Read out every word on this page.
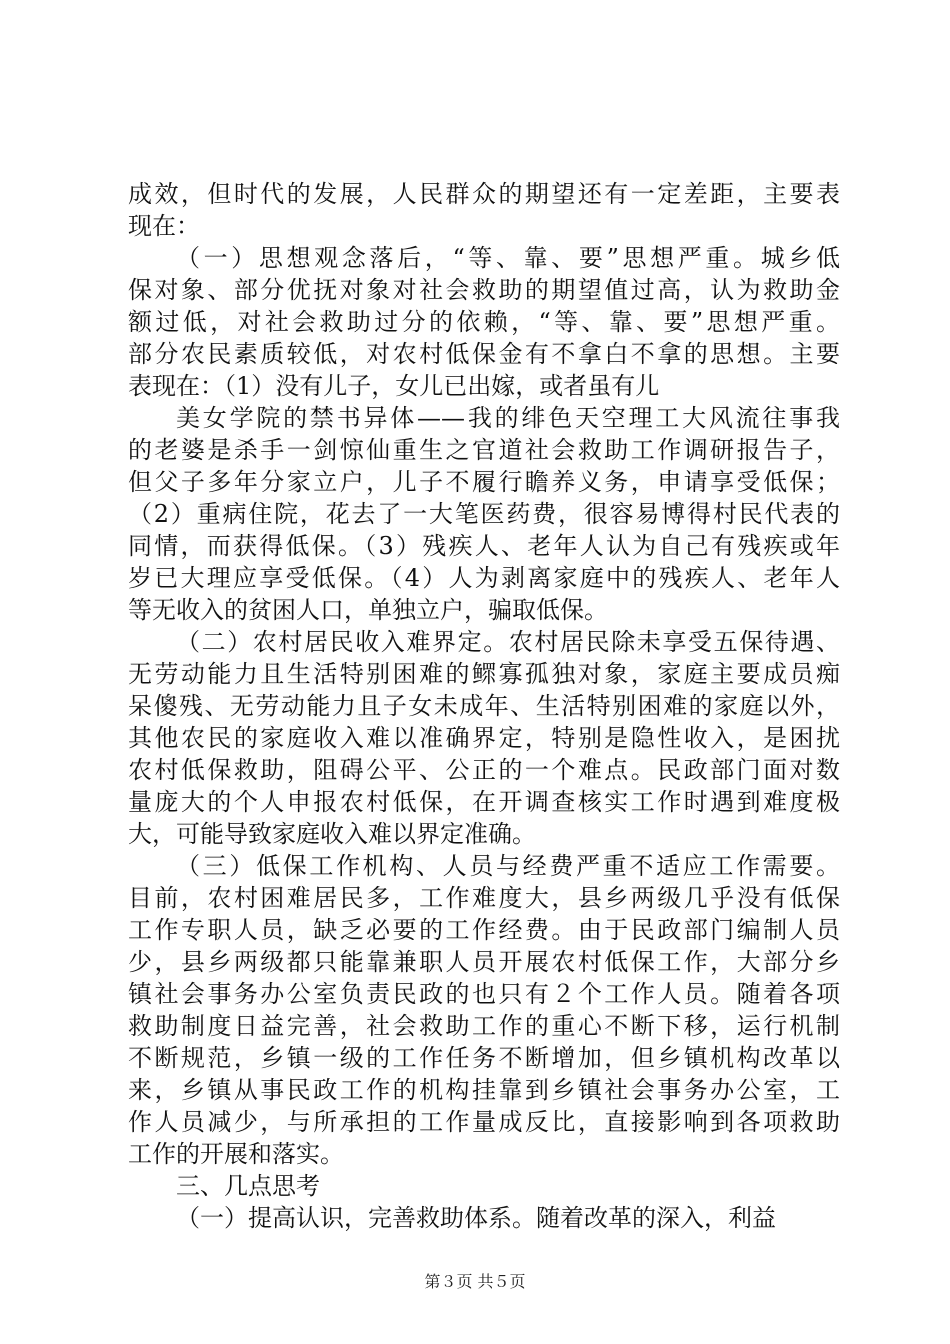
成效，但时代的发展，人民群众的期望还有一定差距，主要表
现在：
（一）思想观念落后，“等、靠、要”思想严重。城乡低
保对象、部分优抚对象对社会救助的期望值过高，认为救助金
额过低，对社会救助过分的依赖，“等、靠、要”思想严重。
部分农民素质较低，对农村低保金有不拿白不拿的思想。主要
表现在：（1）没有儿子，女儿已出嫁，或者虽有儿
美女学院的禁书异体——我的绯色天空理工大风流往事我
的老婆是杀手一剑惊仙重生之官道社会救助工作调研报告子，
但父子多年分家立户，儿子不履行瞻养义务，申请享受低保；
（2）重病住院，花去了一大笔医药费，很容易博得村民代表的
同情，而获得低保。（3）残疾人、老年人认为自己有残疾或年
岁已大理应享受低保。（4）人为剥离家庭中的残疾人、老年人
等无收入的贫困人口，单独立户，骗取低保。
（二）农村居民收入难界定。农村居民除未享受五保待遇、
无劳动能力且生活特别困难的鳏寡孤独对象，家庭主要成员痴
呆傻残、无劳动能力且子女未成年、生活特别困难的家庭以外，
其他农民的家庭收入难以准确界定，特别是隐性收入，是困扰
农村低保救助，阻碍公平、公正的一个难点。民政部门面对数
量庞大的个人申报农村低保，在开调查核实工作时遇到难度极
大，可能导致家庭收入难以界定准确。
（三）低保工作机构、人员与经费严重不适应工作需要。
目前，农村困难居民多，工作难度大，县乡两级几乎没有低保
工作专职人员，缺乏必要的工作经费。由于民政部门编制人员
少，县乡两级都只能靠兼职人员开展农村低保工作，大部分乡
镇社会事务办公室负责民政的也只有２个工作人员。随着各项
救助制度日益完善，社会救助工作的重心不断下移，运行机制
不断规范，乡镇一级的工作任务不断增加，但乡镇机构改革以
来，乡镇从事民政工作的机构挂靠到乡镇社会事务办公室，工
作人员减少，与所承担的工作量成反比，直接影响到各项救助
工作的开展和落实。
三、几点思考
（一）提高认识，完善救助体系。随着改革的深入，利益
第３页 共５页
